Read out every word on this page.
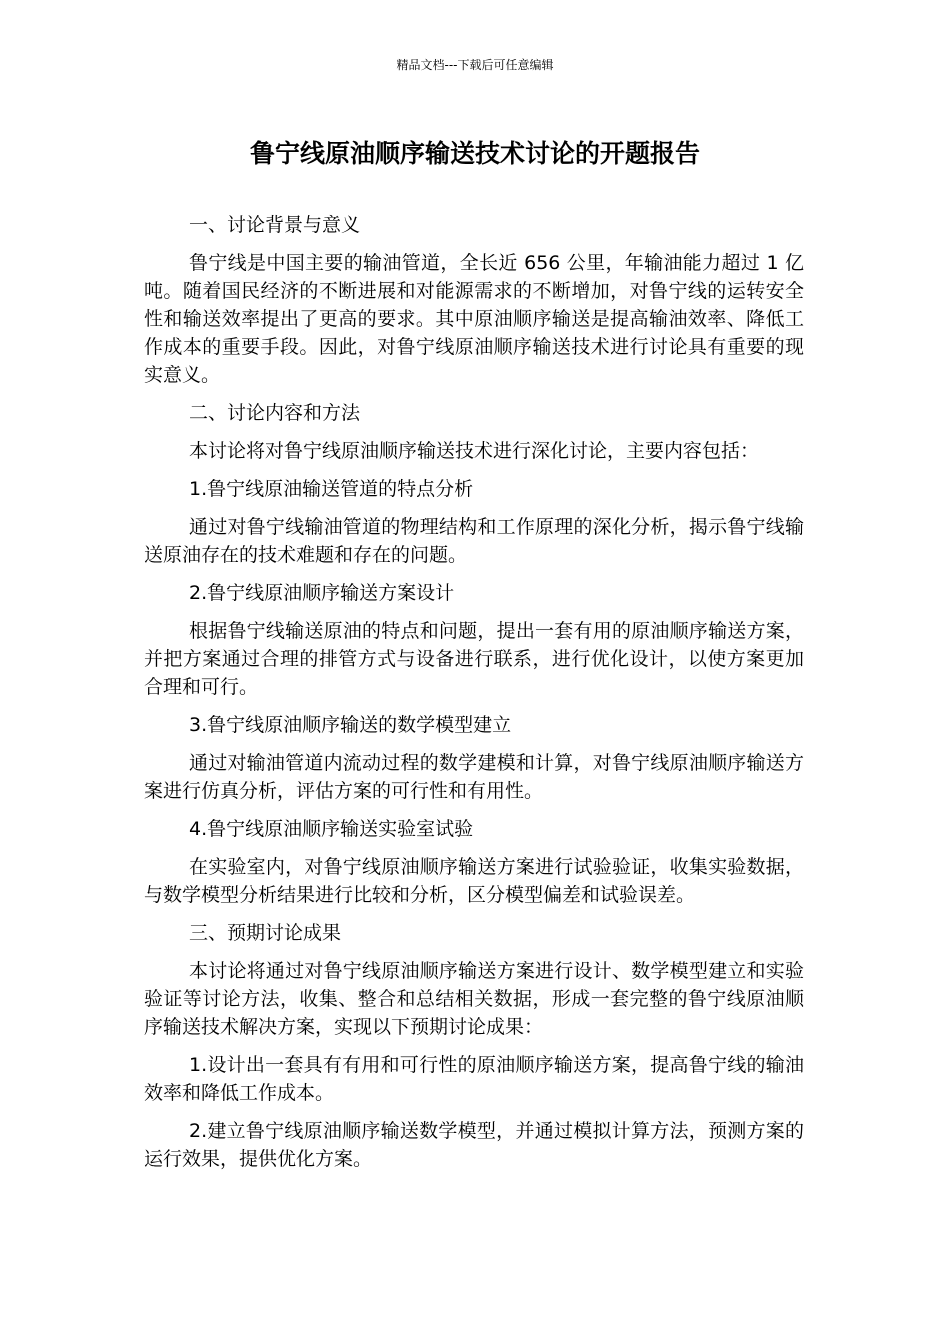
精品文档---下载后可任意编辑
鲁宁线原油顺序输送技术讨论的开题报告

一、讨论背景与意义

鲁宁线是中国主要的输油管道，全长近 656 公里，年输油能力超过 1 亿吨。随着国民经济的不断进展和对能源需求的不断增加，对鲁宁线的运转安全性和输送效率提出了更高的要求。其中原油顺序输送是提高输油效率、降低工作成本的重要手段。因此，对鲁宁线原油顺序输送技术进行讨论具有重要的现实意义。

二、讨论内容和方法

本讨论将对鲁宁线原油顺序输送技术进行深化讨论，主要内容包括：

1.鲁宁线原油输送管道的特点分析

通过对鲁宁线输油管道的物理结构和工作原理的深化分析，揭示鲁宁线输送原油存在的技术难题和存在的问题。

2.鲁宁线原油顺序输送方案设计

根据鲁宁线输送原油的特点和问题，提出一套有用的原油顺序输送方案，并把方案通过合理的排管方式与设备进行联系，进行优化设计，以使方案更加合理和可行。

3.鲁宁线原油顺序输送的数学模型建立

通过对输油管道内流动过程的数学建模和计算，对鲁宁线原油顺序输送方案进行仿真分析，评估方案的可行性和有用性。

4.鲁宁线原油顺序输送实验室试验

在实验室内，对鲁宁线原油顺序输送方案进行试验验证，收集实验数据，与数学模型分析结果进行比较和分析，区分模型偏差和试验误差。

三、预期讨论成果

本讨论将通过对鲁宁线原油顺序输送方案进行设计、数学模型建立和实验验证等讨论方法，收集、整合和总结相关数据，形成一套完整的鲁宁线原油顺序输送技术解决方案，实现以下预期讨论成果：

1.设计出一套具有有用和可行性的原油顺序输送方案，提高鲁宁线的输油效率和降低工作成本。

2.建立鲁宁线原油顺序输送数学模型，并通过模拟计算方法，预测方案的运行效果，提供优化方案。
